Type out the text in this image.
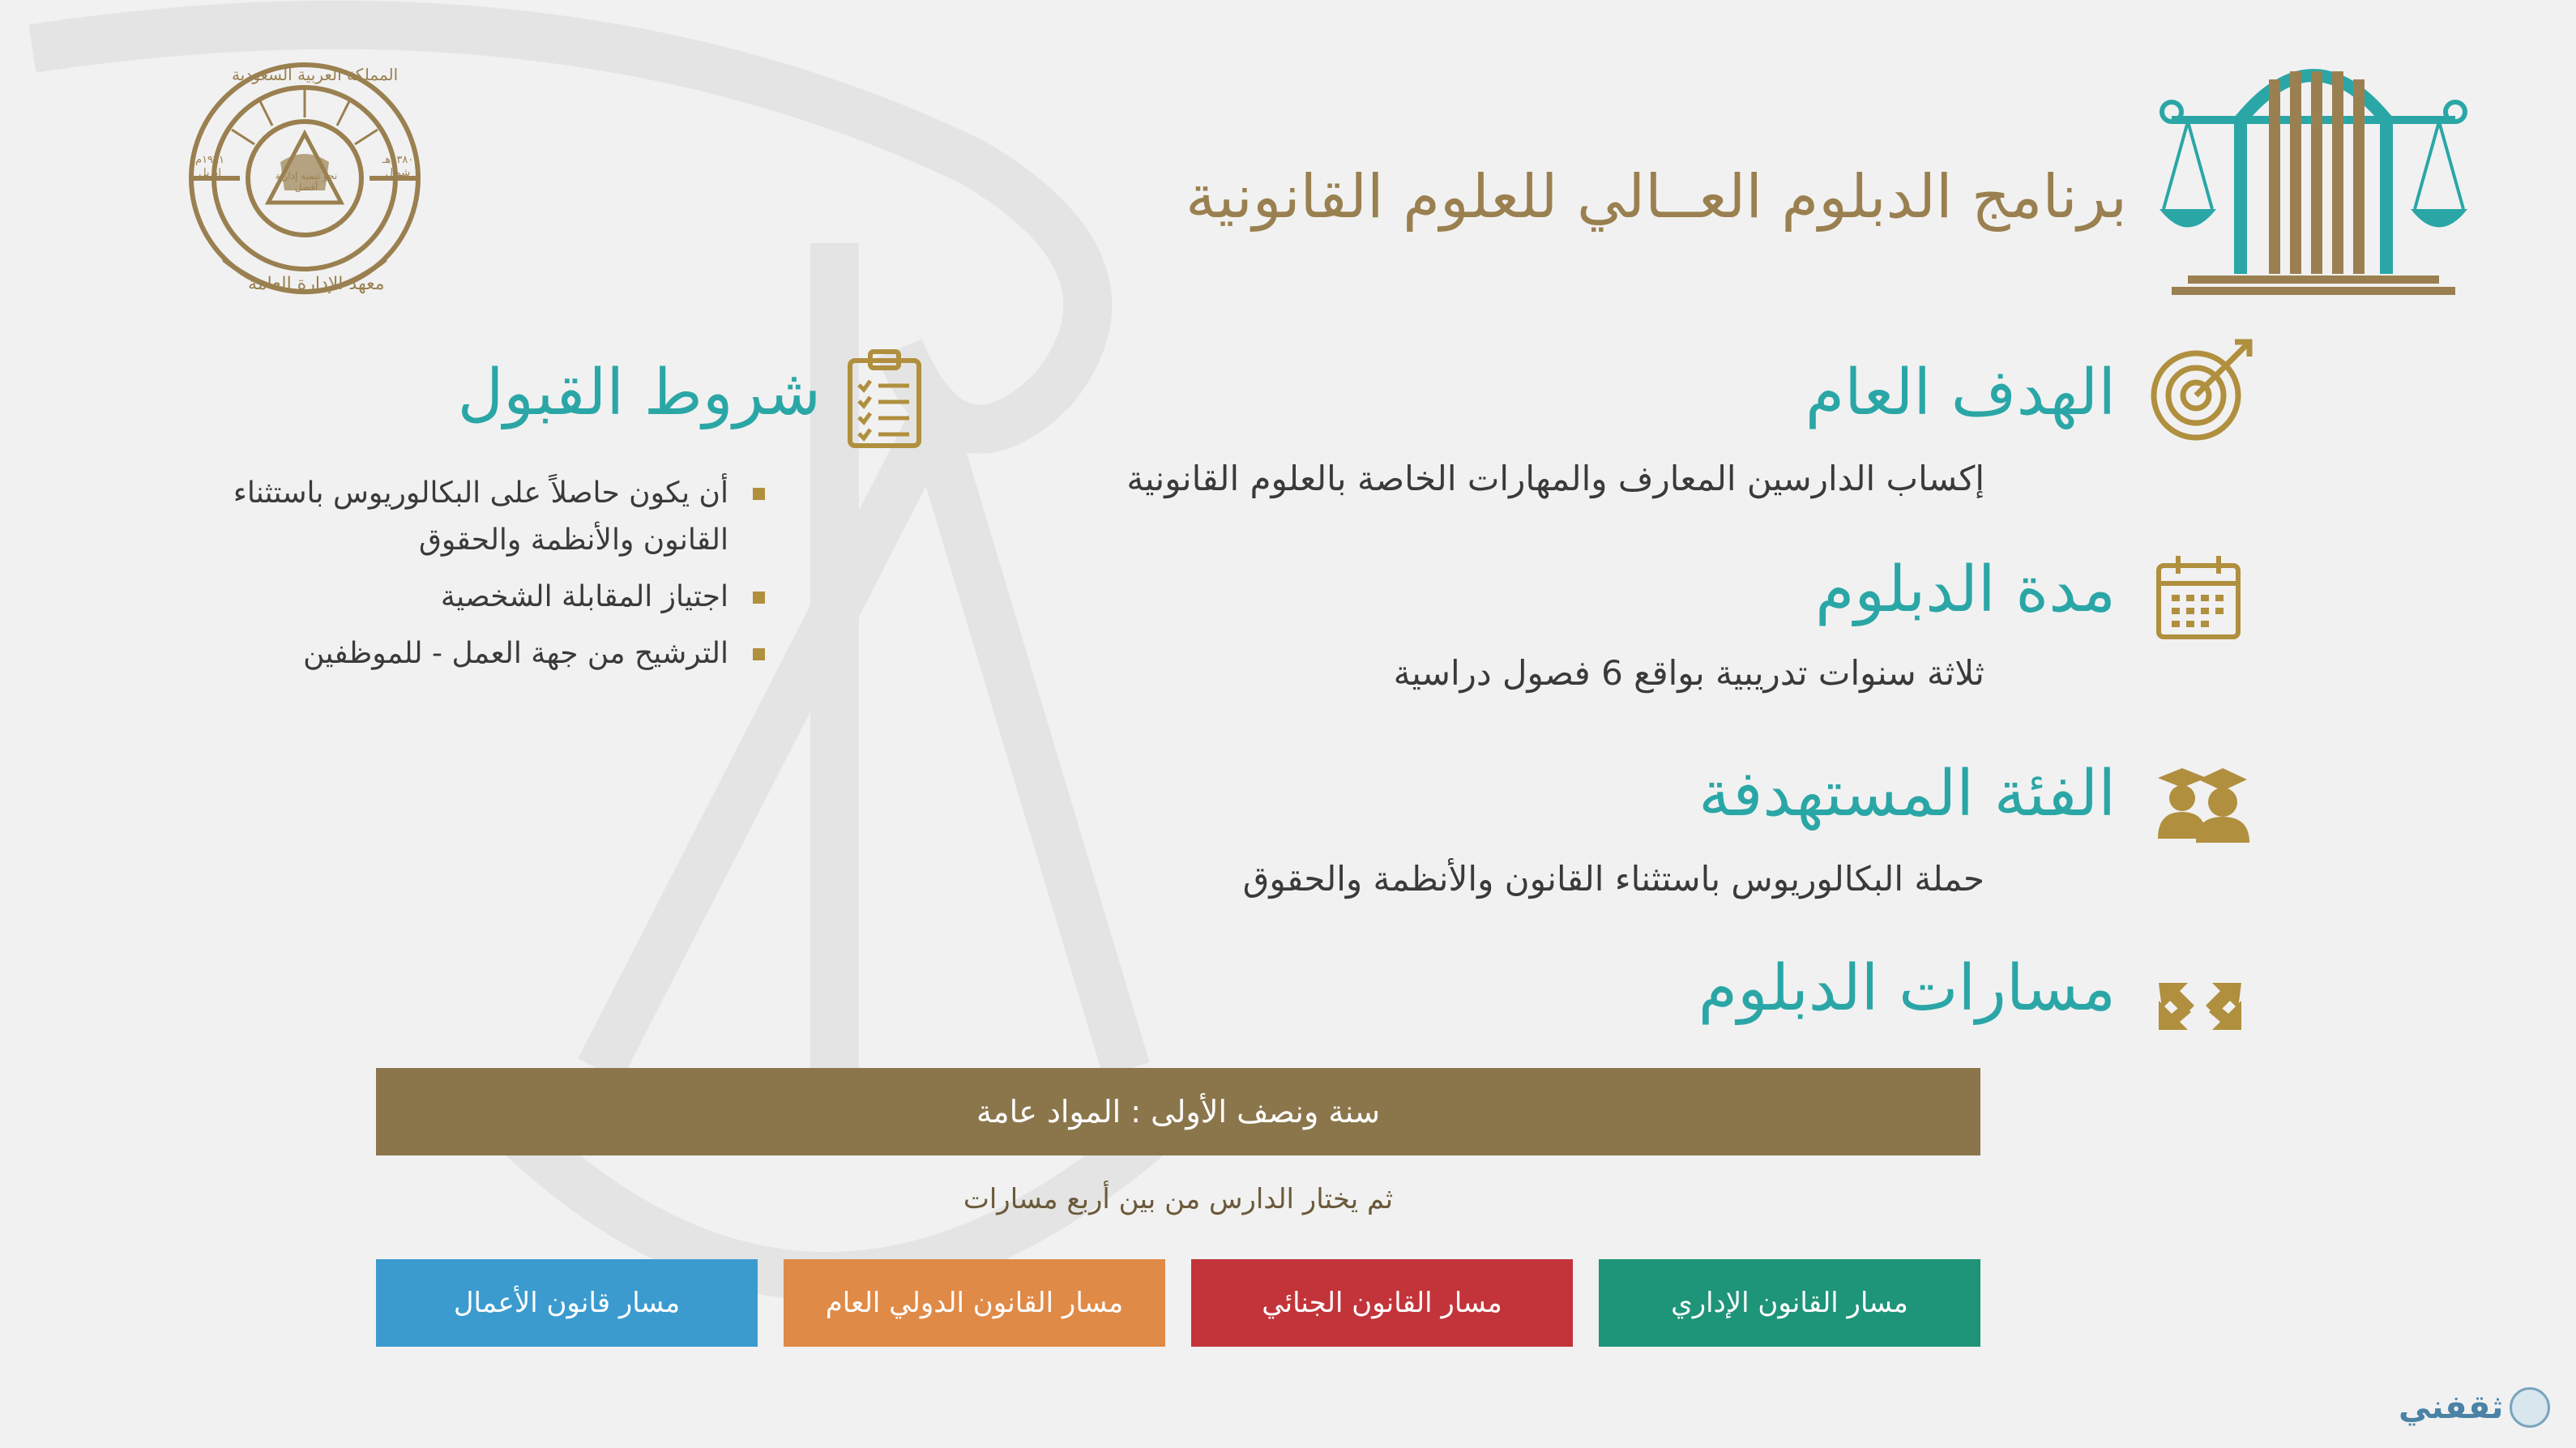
معهد الإدارة العامة
المملكة العربية السعودية
نحو تنمية إدارية أفضل
١٣٨٠هـ شوال
١٩٦١م إبريل	برنامج الدبلوم العــالي للعلوم القانونية
الهدف العام
إكساب الدارسين المعارف والمهارات الخاصة بالعلوم القانونية
مدة الدبلوم
ثلاثة سنوات تدريبية بواقع 6 فصول دراسية
الفئة المستهدفة
حملة البكالوريوس باستثناء القانون والأنظمة والحقوق
مسارات الدبلوم
شروط القبول
أن يكون حاصلاً على البكالوريوس باستثناء القانون والأنظمة والحقوق
اجتياز المقابلة الشخصية
الترشيح من جهة العمل - للموظفين
سنة ونصف الأولى : المواد عامة
ثم يختار الدارس من بين أربع مسارات
مسار القانون الإداري
مسار القانون الجنائي
مسار القانون الدولي العام
مسار قانون الأعمال
ثقفني
